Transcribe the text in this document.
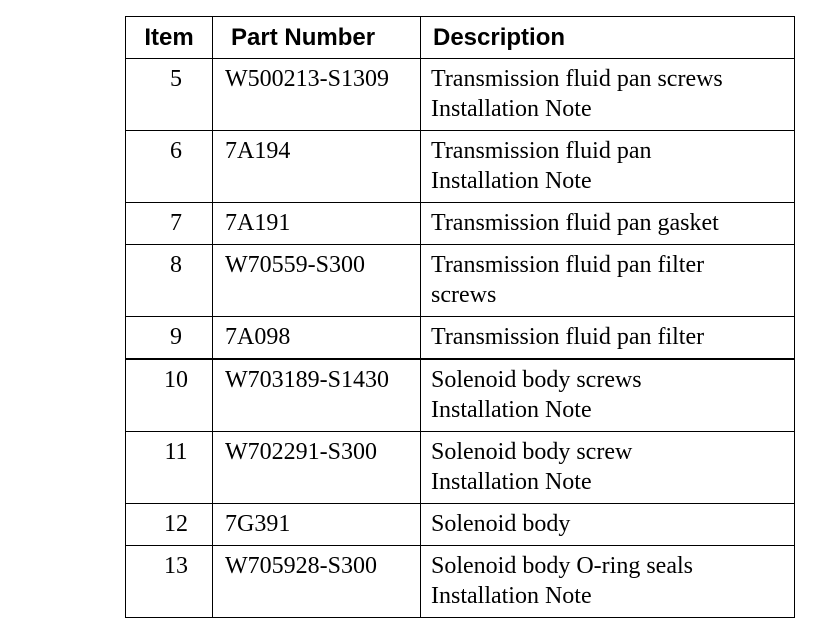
Item	Part Number	Description
5	W500213-S1309	Transmission fluid pan screws
Installation Note

6	7A194	Transmission fluid pan
Installation Note

7	7A191	Transmission fluid pan gasket

8	W70559-S300	Transmission fluid pan filter
screws

9	7A098	Transmission fluid pan filter

10	W703189-S1430	Solenoid body screws
Installation Note

11	W702291-S300	Solenoid body screw
Installation Note

12	7G391	Solenoid body

13	W705928-S300	Solenoid body O-ring seals
Installation Note
